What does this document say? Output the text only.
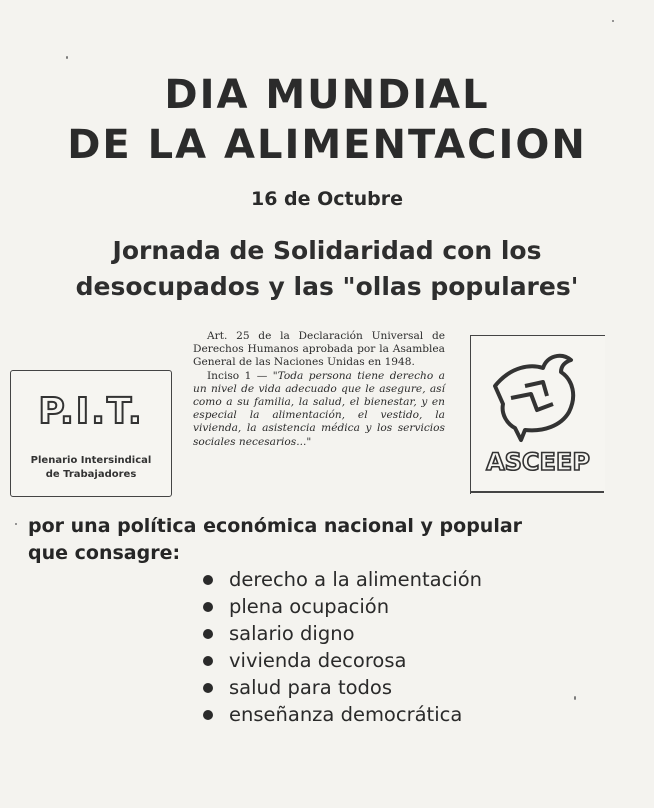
DIA MUNDIAL
DE LA ALIMENTACION
16 de Octubre
Jornada de Solidaridad con los
desocupados y las "ollas populares'
P.I.T.
Plenario Intersindical
de Trabajadores

Art. 25 de la Declaración Universal de Derechos Humanos aprobada por la Asamblea General de las Naciones Unidas en 1948.

Inciso 1 — "Toda persona tiene derecho a un nivel de vida adecuado que le asegure, así como a su familia, la salud, el bienestar, y en especial la alimentación, el vestido, la vivienda, la asistencia médica y los servicios sociales necesarios..."

ASCEEP
por una política económica nacional y popular
que consagre:
derecho a la alimentación
plena ocupación
salario digno
vivienda decorosa
salud para todos
enseñanza democrática
